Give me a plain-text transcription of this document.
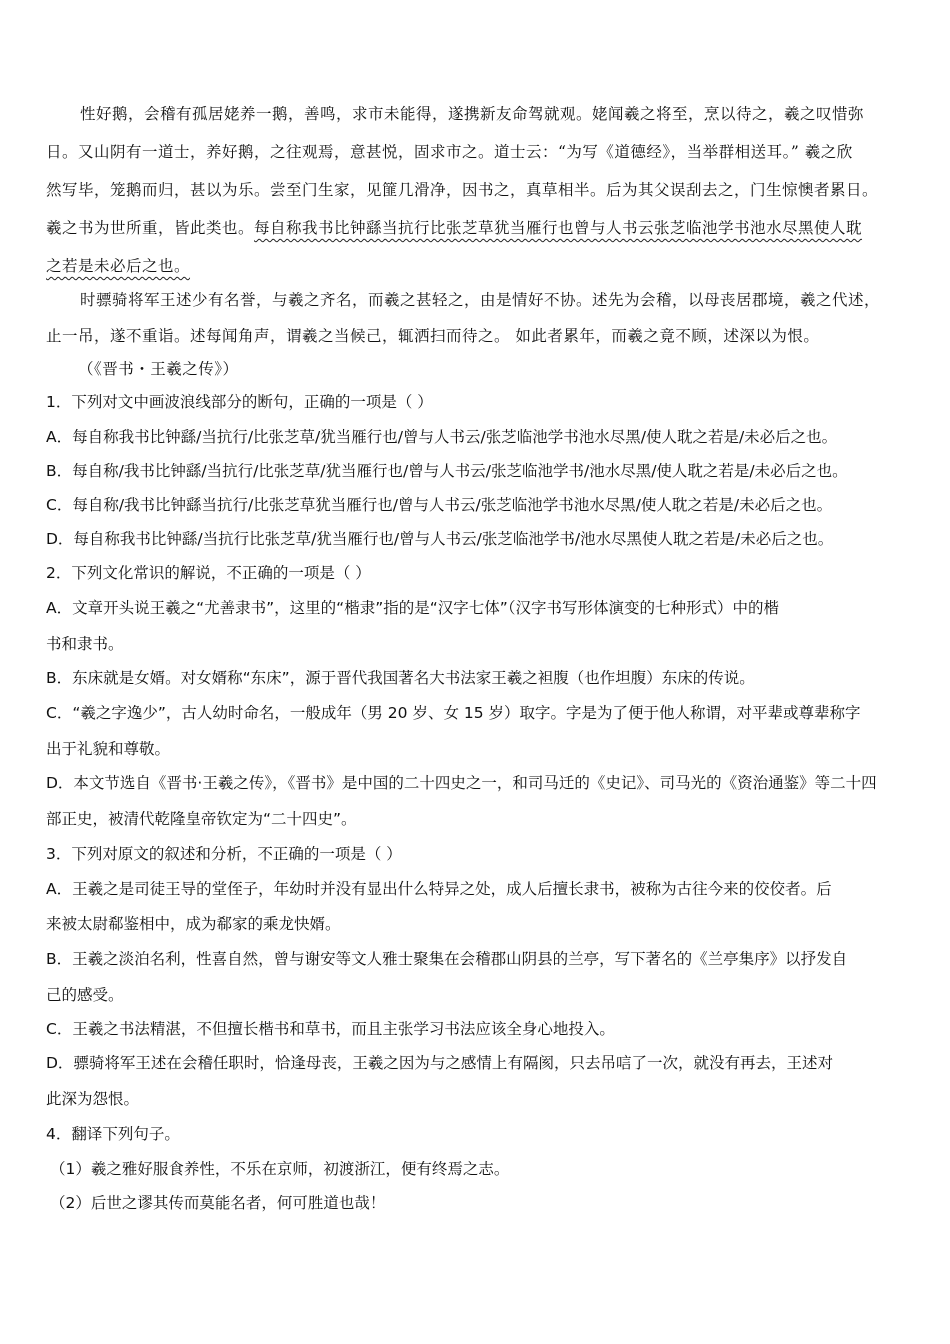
性好鹅，会稽有孤居姥养一鹅，善鸣，求市未能得，遂携新友命驾就观。姥闻羲之将至，烹以待之，羲之叹惜弥
日。又山阴有一道士，养好鹅，之往观焉，意甚悦，固求市之。道士云：“为写《道德经》，当举群相送耳。” 羲之欣
然写毕，笼鹅而归，甚以为乐。尝至门生家，见篚几滑净，因书之，真草相半。后为其父误刮去之，门生惊懊者累日。
羲之书为世所重，皆此类也。每自称我书比钟繇当抗行比张芝草犹当雁行也曾与人书云张芝临池学书池水尽黑使人耽
之若是未必后之也。
时骠骑将军王述少有名誉，与羲之齐名，而羲之甚轻之，由是情好不协。述先为会稽，以母丧居郡境，羲之代述，
止一吊，遂不重诣。述每闻角声，谓羲之当候己，辄洒扫而待之。 如此者累年，而羲之竟不顾，述深以为恨。
（《晋书・王羲之传》）
1．下列对文中画波浪线部分的断句，正确的一项是（ ）
A．每自称我书比钟繇/当抗行/比张芝草/犹当雁行也/曾与人书云/张芝临池学书池水尽黑/使人耽之若是/未必后之也。
B．每自称/我书比钟繇/当抗行/比张芝草/犹当雁行也/曾与人书云/张芝临池学书/池水尽黑/使人耽之若是/未必后之也。
C．每自称/我书比钟繇当抗行/比张芝草犹当雁行也/曾与人书云/张芝临池学书池水尽黑/使人耽之若是/未必后之也。
D．每自称我书比钟繇/当抗行比张芝草/犹当雁行也/曾与人书云/张芝临池学书/池水尽黑使人耽之若是/未必后之也。
2．下列文化常识的解说，不正确的一项是（ ）
A．文章开头说王羲之“尤善隶书”，这里的“楷隶”指的是“汉字七体”（汉字书写形体演变的七种形式）中的楷
书和隶书。
B．东床就是女婿。对女婿称“东床”，源于晋代我国著名大书法家王羲之袒腹（也作坦腹）东床的传说。
C．“羲之字逸少”，古人幼时命名，一般成年（男 20 岁、女 15 岁）取字。字是为了便于他人称谓，对平辈或尊辈称字
出于礼貌和尊敬。
D．本文节选自《晋书·王羲之传》，《晋书》是中国的二十四史之一，和司马迁的《史记》、司马光的《资治通鉴》等二十四
部正史，被清代乾隆皇帝钦定为“二十四史”。
3．下列对原文的叙述和分析，不正确的一项是（ ）
A．王羲之是司徒王导的堂侄子，年幼时并没有显出什么特异之处，成人后擅长隶书，被称为古往今来的佼佼者。后
来被太尉郗鉴相中，成为郗家的乘龙快婿。
B．王羲之淡泊名利，性喜自然，曾与谢安等文人雅士聚集在会稽郡山阴县的兰亭，写下著名的《兰亭集序》以抒发自
己的感受。
C．王羲之书法精湛，不但擅长楷书和草书，而且主张学习书法应该全身心地投入。
D．骠骑将军王述在会稽任职时，恰逢母丧，王羲之因为与之感情上有隔阂，只去吊唁了一次，就没有再去，王述对
此深为怨恨。
4．翻译下列句子。
（1）羲之雅好服食养性，不乐在京师，初渡浙江，便有终焉之志。
（2）后世之谬其传而莫能名者，何可胜道也哉！
